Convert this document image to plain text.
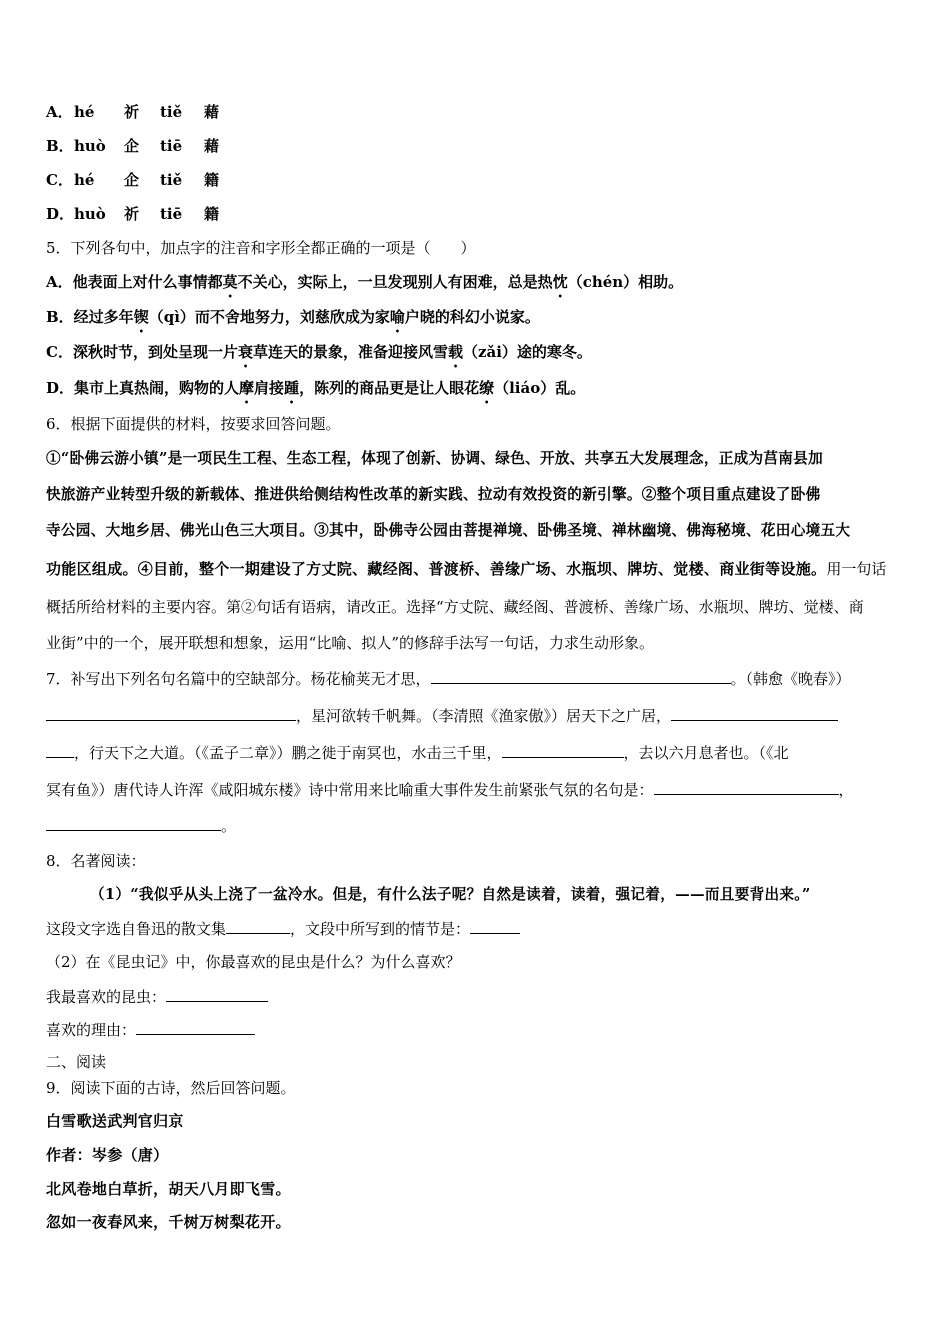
A．hé 祈 tiě 藉
B．huò 企 tiē 藉
C．hé 企 tiě 籍
D．huò 祈 tiē 籍
5．下列各句中，加点字的注音和字形全都正确的一项是（　　）
A．他表面上对什么事情都莫不关心，实际上，一旦发现别人有困难，总是热忱（chén）相助。
B．经过多年锲（qì）而不舍地努力，刘慈欣成为家喻户晓的科幻小说家。
C．深秋时节，到处呈现一片衰草连天的景象，准备迎接风雪载（zǎi）途的寒冬。
D．集市上真热闹，购物的人摩肩接踵，陈列的商品更是让人眼花缭（liáo）乱。
6．根据下面提供的材料，按要求回答问题。
①“卧佛云游小镇”是一项民生工程、生态工程，体现了创新、协调、绿色、开放、共享五大发展理念，正成为莒南县加
快旅游产业转型升级的新载体、推进供给侧结构性改革的新实践、拉动有效投资的新引擎。②整个项目重点建设了卧佛
寺公园、大地乡居、佛光山色三大项目。③其中，卧佛寺公园由菩提禅境、卧佛圣境、禅林幽境、佛海秘境、花田心境五大
功能区组成。④目前，整个一期建设了方丈院、藏经阁、普渡桥、善缘广场、水瓶坝、牌坊、觉楼、商业街等设施。用一句话
概括所给材料的主要内容。第②句话有语病，请改正。选择“方丈院、藏经阁、普渡桥、善缘广场、水瓶坝、牌坊、觉楼、商
业街”中的一个，展开联想和想象，运用“比喻、拟人”的修辞手法写一句话，力求生动形象。
7．补写出下列名句名篇中的空缺部分。杨花榆荚无才思，	。（韩愈《晚春》）
，星河欲转千帆舞。（李清照《渔家傲》）居天下之广居，
，行天下之大道。（《孟子二章》）鹏之徙于南冥也，水击三千里，	，去以六月息者也。（《北
冥有鱼》）唐代诗人许浑《咸阳城东楼》诗中常用来比喻重大事件发生前紧张气氛的名句是：	，
。
8．名著阅读：
（1）“我似乎从头上浇了一盆冷水。但是，有什么法子呢？自然是读着，读着，强记着，——而且要背出来。”
这段文字选自鲁迅的散文集	，文段中所写到的情节是：
（2）在《昆虫记》中，你最喜欢的昆虫是什么？为什么喜欢？
我最喜欢的昆虫：
喜欢的理由：
二、阅读
9．阅读下面的古诗，然后回答问题。
白雪歌送武判官归京
作者：岑参（唐）
北风卷地白草折，胡天八月即飞雪。
忽如一夜春风来，千树万树梨花开。
